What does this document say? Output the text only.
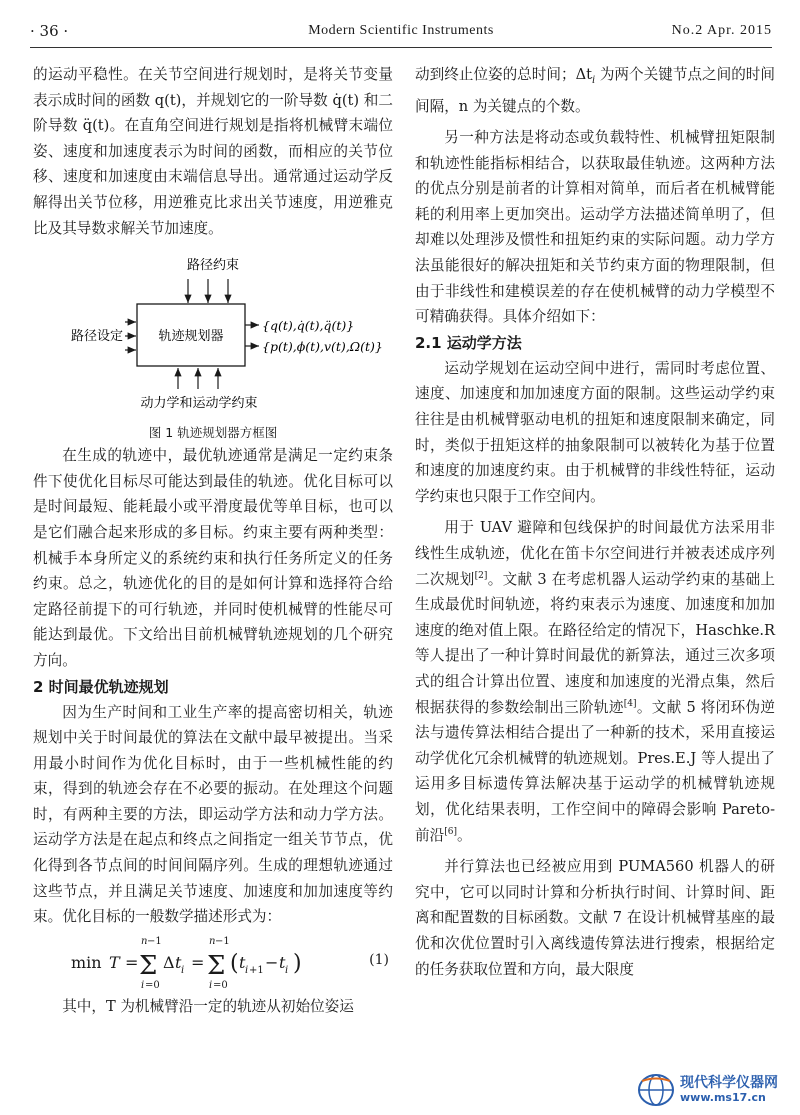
· 36 ·	Modern Scientific Instruments	No.2 Apr. 2015

的运动平稳性。在关节空间进行规划时，是将关节变量表示成时间的函数 q(t)，并规划它的一阶导数 q̇(t) 和二阶导数 q̈(t)。在直角空间进行规划是指将机械臂末端位姿、速度和加速度表示为时间的函数，而相应的关节位移、速度和加速度由末端信息导出。通常通过运动学反解得出关节位移，用逆雅克比求出关节速度，用逆雅克比及其导数求解关节加速度。

路径约束
轨迹规划器
路径设定
{q(t),q̇(t),q̈(t)}
{p(t),ϕ(t),v(t),Ω(t)}
动力学和运动学约束

图 1 轨迹规划器方框图

在生成的轨迹中，最优轨迹通常是满足一定约束条件下使优化目标尽可能达到最佳的轨迹。优化目标可以是时间最短、能耗最小或平滑度最优等单目标，也可以是它们融合起来形成的多目标。约束主要有两种类型：机械手本身所定义的系统约束和执行任务所定义的任务约束。总之，轨迹优化的目的是如何计算和选择符合给定路径前提下的可行轨迹，并同时使机械臂的性能尽可能达到最优。下文给出目前机械臂轨迹规划的几个研究方向。

2 时间最优轨迹规划

因为生产时间和工业生产率的提高密切相关，轨迹规划中关于时间最优的算法在文献中最早被提出。当采用最小时间作为优化目标时，由于一些机械性能的约束，得到的轨迹会存在不必要的振动。在处理这个问题时，有两种主要的方法，即运动学方法和动力学方法。运动学方法是在起点和终点之间指定一组关节节点，优化得到各节点间的时间间隔序列。生成的理想轨迹通过这些节点，并且满足关节速度、加速度和加加速度等约束。优化目标的一般数学描述形式为：

min T =
n −1
Σ
i =0
Δ t i =
n −1
Σ
i =0
( t i +1 − t i )	(1)

其中，T 为机械臂沿一定的轨迹从初始位姿运

动到终止位姿的总时间；$\Delta t_i$ 为两个关键节点之间的时间间隔，n 为关键点的个数。

另一种方法是将动态或负载特性、机械臂扭矩限制和轨迹性能指标相结合，以获取最佳轨迹。这两种方法的优点分别是前者的计算相对简单，而后者在机械臂能耗的利用率上更加突出。运动学方法描述简单明了，但却难以处理涉及惯性和扭矩约束的实际问题。动力学方法虽能很好的解决扭矩和关节约束方面的物理限制，但由于非线性和建模误差的存在使机械臂的动力学模型不可精确获得。具体介绍如下：

2.1 运动学方法

运动学规划在运动空间中进行，需同时考虑位置、速度、加速度和加加速度方面的限制。这些运动学约束往往是由机械臂驱动电机的扭矩和速度限制来确定，同时，类似于扭矩这样的抽象限制可以被转化为基于位置和速度的加速度约束。由于机械臂的非线性特征，运动学约束也只限于工作空间内。

用于 UAV 避障和包线保护的时间最优方法采用非线性生成轨迹，优化在笛卡尔空间进行并被表述成序列二次规划[2]。文献 3 在考虑机器人运动学约束的基础上生成最优时间轨迹，将约束表示为速度、加速度和加加速度的绝对值上限。在路径给定的情况下，Haschke.R 等人提出了一种计算时间最优的新算法，通过三次多项式的组合计算出位置、速度和加速度的光滑点集，然后根据获得的参数绘制出三阶轨迹[4]。文献 5 将闭环伪逆法与遗传算法相结合提出了一种新的技术，采用直接运动学优化冗余机械臂的轨迹规划。Pres.E.J 等人提出了运用多目标遗传算法解决基于运动学的机械臂轨迹规划，优化结果表明，工作空间中的障碍会影响 Pareto-前沿[6]。

并行算法也已经被应用到 PUMA560 机器人的研究中，它可以同时计算和分析执行时间、计算时间、距离和配置数的目标函数。文献 7 在设计机械臂基座的最优和次优位置时引入离线遗传算法进行搜索，根据给定的任务获取位置和方向，最大限度

现代科学仪器网
www.ms17.cn
